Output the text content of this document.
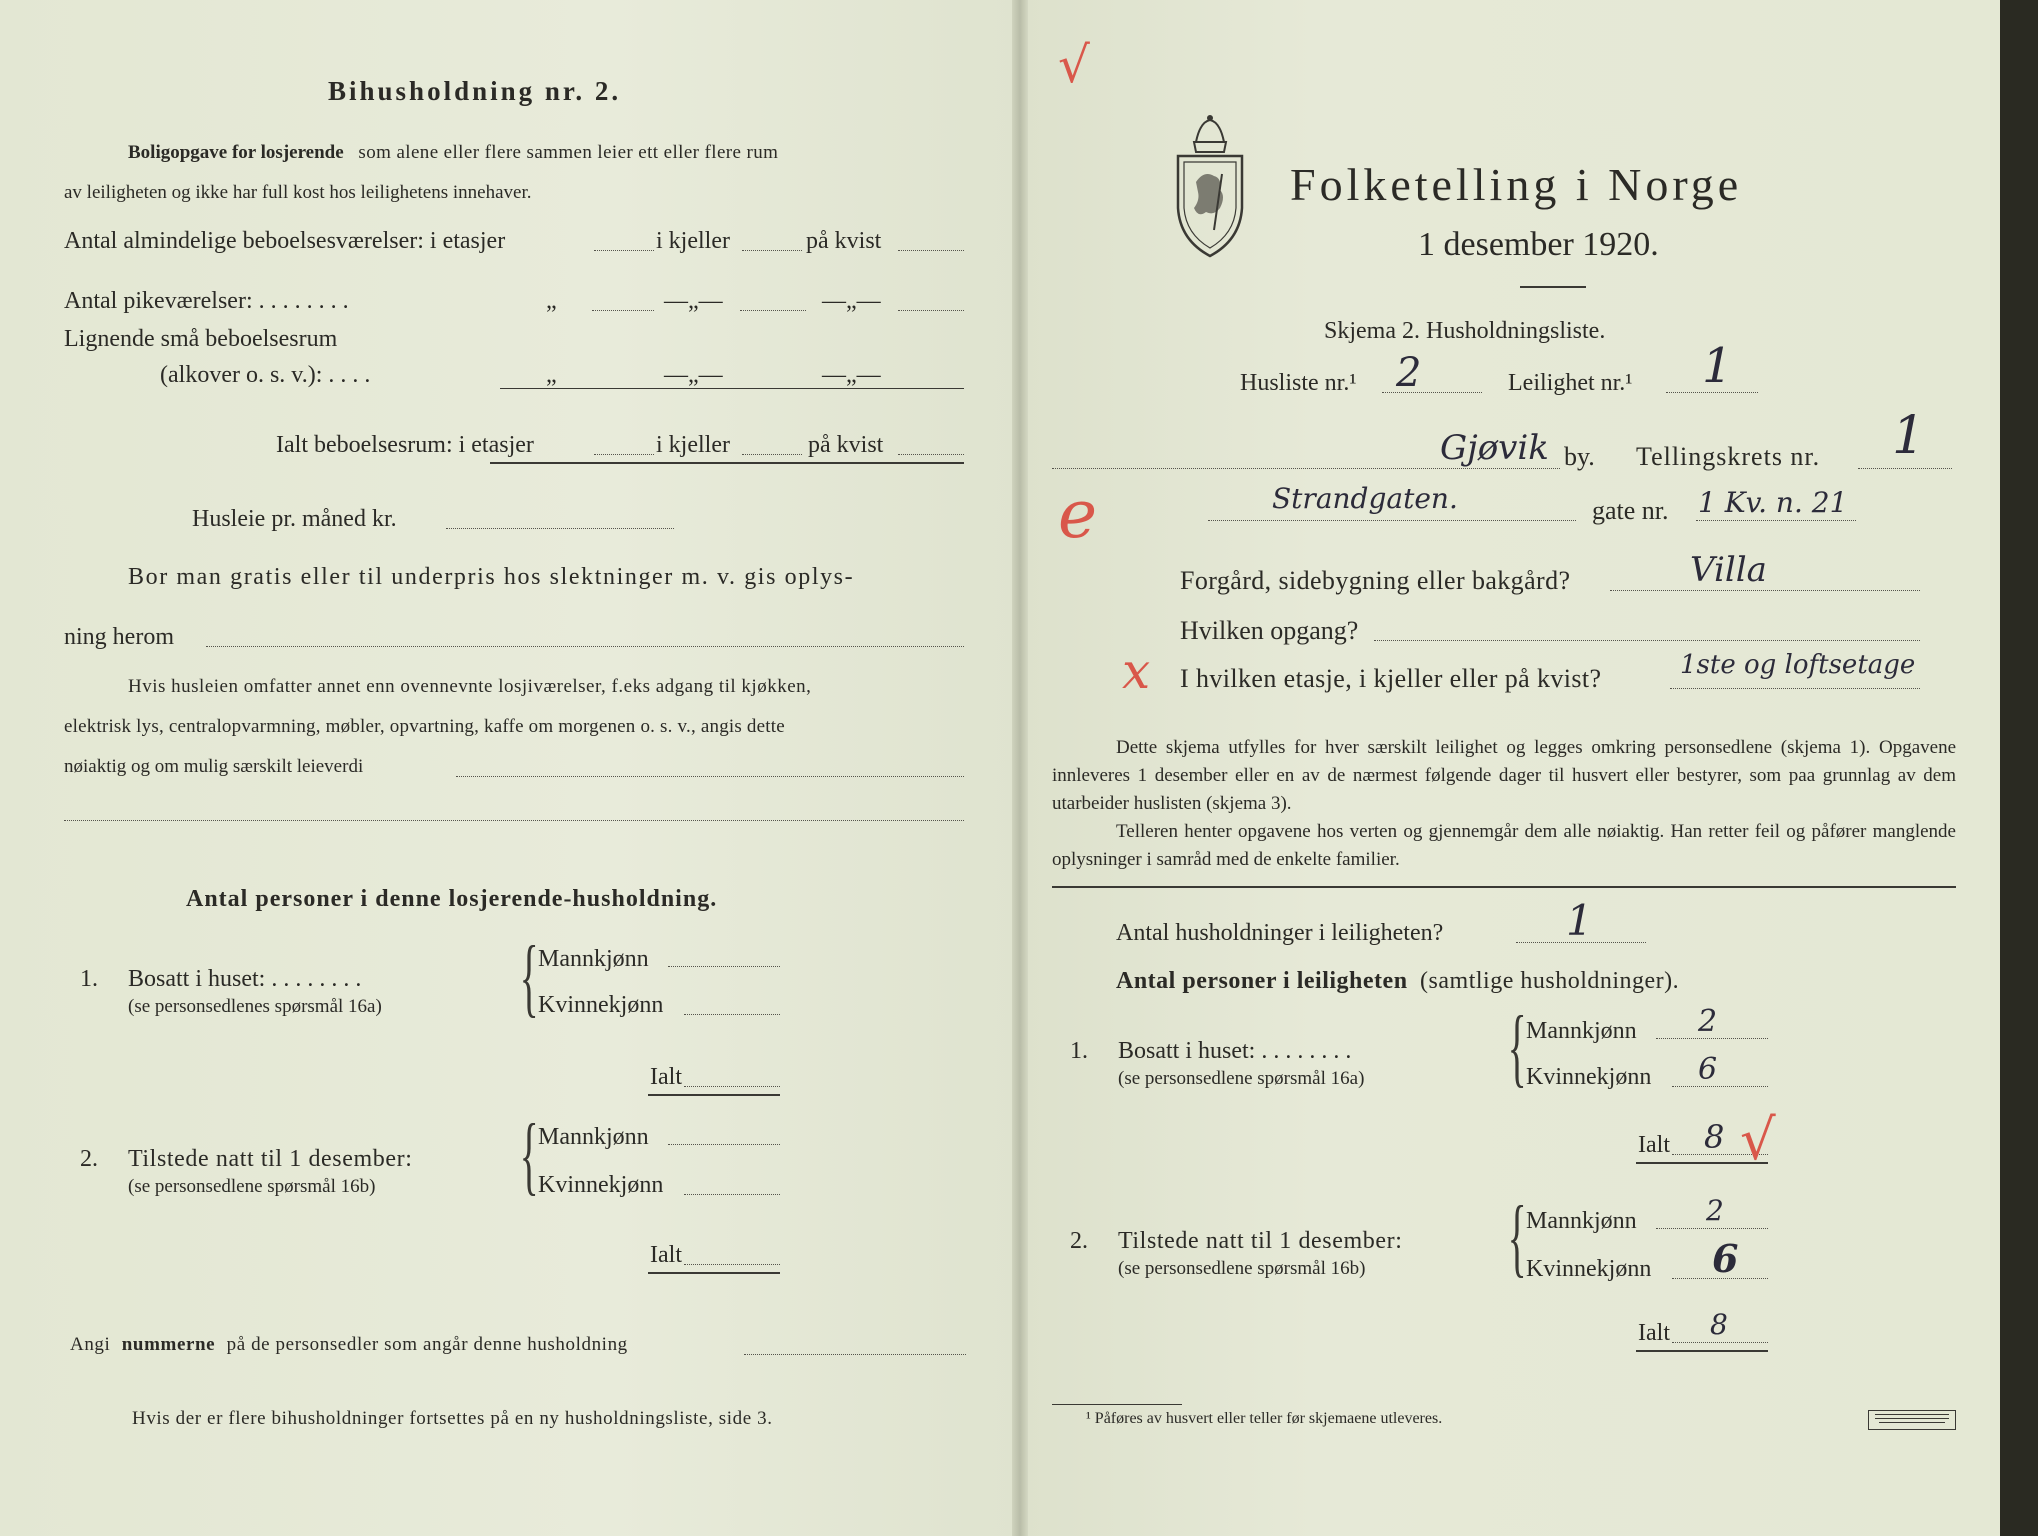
Bihusholdning nr. 2.
Boligopgave for losjerende som alene eller flere sammen leier ett eller flere rum
av leiligheten og ikke har full kost hos leilighetens innehaver.
Antal almindelige beboelsesværelser: i etasjer	i kjeller	på kvist
Antal pikeværelser: . . . . . . . .	„	—„—	—„—
Lignende små beboelsesrum
(alkover o. s. v.): . . . .	„	—„—	—„—
Ialt beboelsesrum: i etasjer	i kjeller	på kvist
Husleie pr. måned kr.
Bor man gratis eller til underpris hos slektninger m. v. gis oplys-
ning herom
Hvis husleien omfatter annet enn ovennevnte losjiværelser, f.eks adgang til kjøkken,
elektrisk lys, centralopvarmning, møbler, opvartning, kaffe om morgenen o. s. v., angis dette
nøiaktig og om mulig særskilt leieverdi
Antal personer i denne losjerende-husholdning.
1. Bosatt i huset: . . . . . . . .
(se personsedlenes spørsmål 16a) { Mannkjønn
Kvinnekjønn
Ialt
2. Tilstede natt til 1 desember:
(se personsedlene spørsmål 16b) { Mannkjønn
Kvinnekjønn
Ialt
Angi nummerne på de personsedler som angår denne husholdning
Hvis der er flere bihusholdninger fortsettes på en ny husholdningsliste, side 3.
Folketelling i Norge
1 desember 1920.
Skjema 2. Husholdningsliste.
Husliste nr.¹ 2	Leilighet nr.¹ 1
Gjøvik by. Tellingskrets nr. 1
Strandgaten.	gate nr. 1 Kv. n. 21
Forgård, sidebygning eller bakgård?	Villa
Hvilken opgang?
I hvilken etasje, i kjeller eller på kvist?	1ste og loftsetage
Dette skjema utfylles for hver særskilt leilighet og legges omkring personsedlene (skjema 1). Opgavene innleveres 1 desember eller en av de nærmest følgende dager til husvert eller bestyrer, som paa grunnlag av dem utarbeider huslisten (skjema 3).
Telleren henter opgavene hos verten og gjennemgår dem alle nøiaktig. Han retter feil og påfører manglende oplysninger i samråd med de enkelte familier.
Antal husholdninger i leiligheten?	1
Antal personer i leiligheten (samtlige husholdninger).
1. Bosatt i huset: . . . . . . . .
(se personsedlene spørsmål 16a) { Mannkjønn 2
Kvinnekjønn 6
Ialt 8
2. Tilstede natt til 1 desember:
(se personsedlene spørsmål 16b) { Mannkjønn 2
Kvinnekjønn 6
Ialt 8
¹ Påføres av husvert eller teller før skjemaene utleveres.
√
e
x
√
